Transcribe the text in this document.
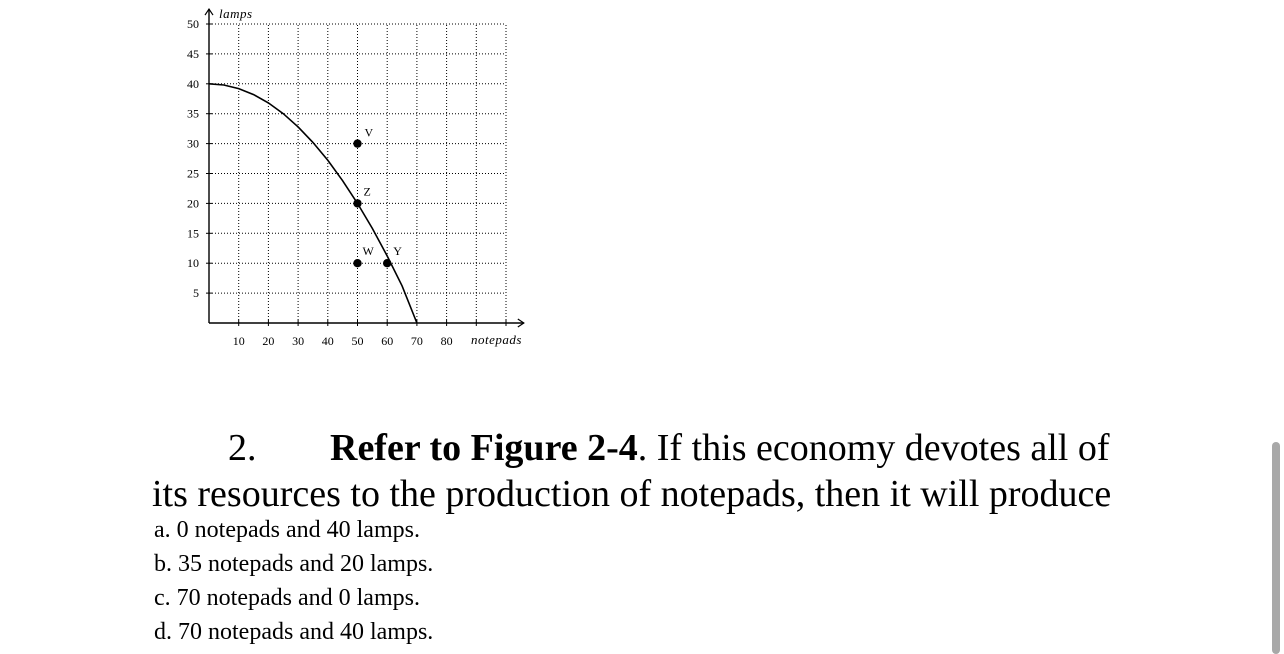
10 20 30 40 50 60 70 80
5
10
15
20
25
30
35
40
45
50
V
Z
W Y
lamps
notepads
2. Refer to Figure 2-4. If this economy devotes all of
its resources to the production of notepads, then it will produce
a. 0 notepads and 40 lamps.
b. 35 notepads and 20 lamps.
c. 70 notepads and 0 lamps.
d. 70 notepads and 40 lamps.
